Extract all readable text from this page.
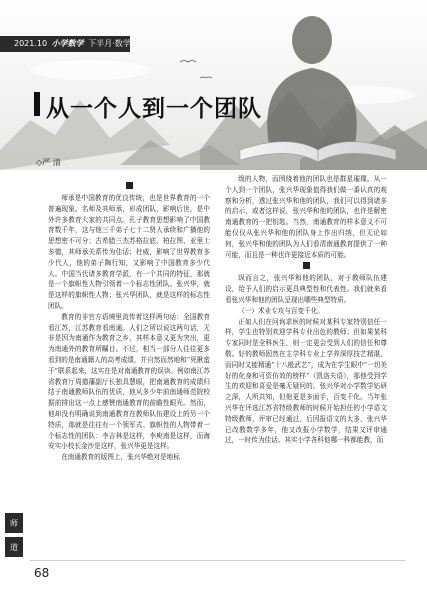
2021.10 小学数学 下半月·数学
从一个人到一个团队
◇严 清

师承是中国教育的优良传统，也是世界教育的一个普遍现象。名师及其师承，形成团队，影响后世，是中外许多教育大家的共同点。孔子教育思想影响了中国教育数千年，这与他三千弟子七十二贤人承续和广播他的思想密不可分；古希腊三杰苏格拉底、柏拉图、亚里士多德，其师承关系传为佳话；杜威，影响了世界教育多少代人，他的弟子陶行知，又影响了中国教育多少代人。中国当代诸多教育学派，有一个共同的特征，那就是一个旗帜性人物引领着一个标志性团队。张兴华，就是这样的旗帜性人物；张兴华团队，就是这样的标志性团队。

教育的非官方语境里流传着这样两句话：全国教育看江苏，江苏教育看南通。人们之所以说这两句话，无非是因为南通作为教育之乡，其样本意义更为突出，更为南通外的教育所瞩目。不过，相当一部分人往往更多看到的是南通籍人的高考成绩，并自然而然地和“死揪蛮干”联系起来，这实在是对南通教育的误读。例如南江苏省教育厅周德藩副厅长独具慧眼，把南通教育的成绩归结于南通教师队伍的优质，他从多少年前南通师范院校据前排出这一点上感赞南通教育的前瞻性眼光。然而，他却没有明确说到南通教育在教师队伍建设上的另一个特质，那就是往往有一个领军式、旗帜性的人物带着一个标志性的团队：李吉林是这样，李庾南是这样，而海安实小校长金沙是这样，张兴华更是这样。

在南通教育的版图上，张兴华绝对是地标

级的人物，而围绕着他的团队也是群星璀璨。从一个人到一个团队，张兴华现象值得我们做一番认真的观察和分析，透过张兴华和他的团队，我们可以得到诸多的启示，或者这样说，张兴华和他的团队，也许是解密南通教育的一把钥匙。当然，南通教育的样本意义不可能仅仅从张兴华和他的团队身上作出归纳，但无论如何，张兴华和他的团队为人们看清南通教育提供了一种可能，而且是一种也许更接近本质的可能。

纵而言之，张兴华和他的团队，对于教师队伍建设，给予人们的启示更具典型性和代表性。我们就来看看张兴华和他的团队呈现出哪些典型特质。

（一）术业专攻与百变千化。

正如人们在问询求医的时候对某科专家特别信任一样，学生也特别欢迎学科专业出色的教师；但如果某科专家同时是全科医生，则一定更会受到人们的信任和尊敬。好的教师固然在主学科专业上学养深厚技艺精湛，而同时又能精通“十八般武艺”，成为在学生眼中“一切美好的化身和可资仿效的榜样”（凯洛夫语），那他受到学生的欢迎和喜爱是毫无疑问的。张兴华对小学数学钻研之深，人所共知，但他更是多面手，百变千化。当年张兴华在评选江苏省特级教师的时候开始担任的小学语文特级教师，评审已经通过，后因报语文的太多，张兴华已改教数学多年，他又改报小学数学，结果又评审通过，一时传为佳话。其实小学各科他哪一科都能教，而

师
道
68
